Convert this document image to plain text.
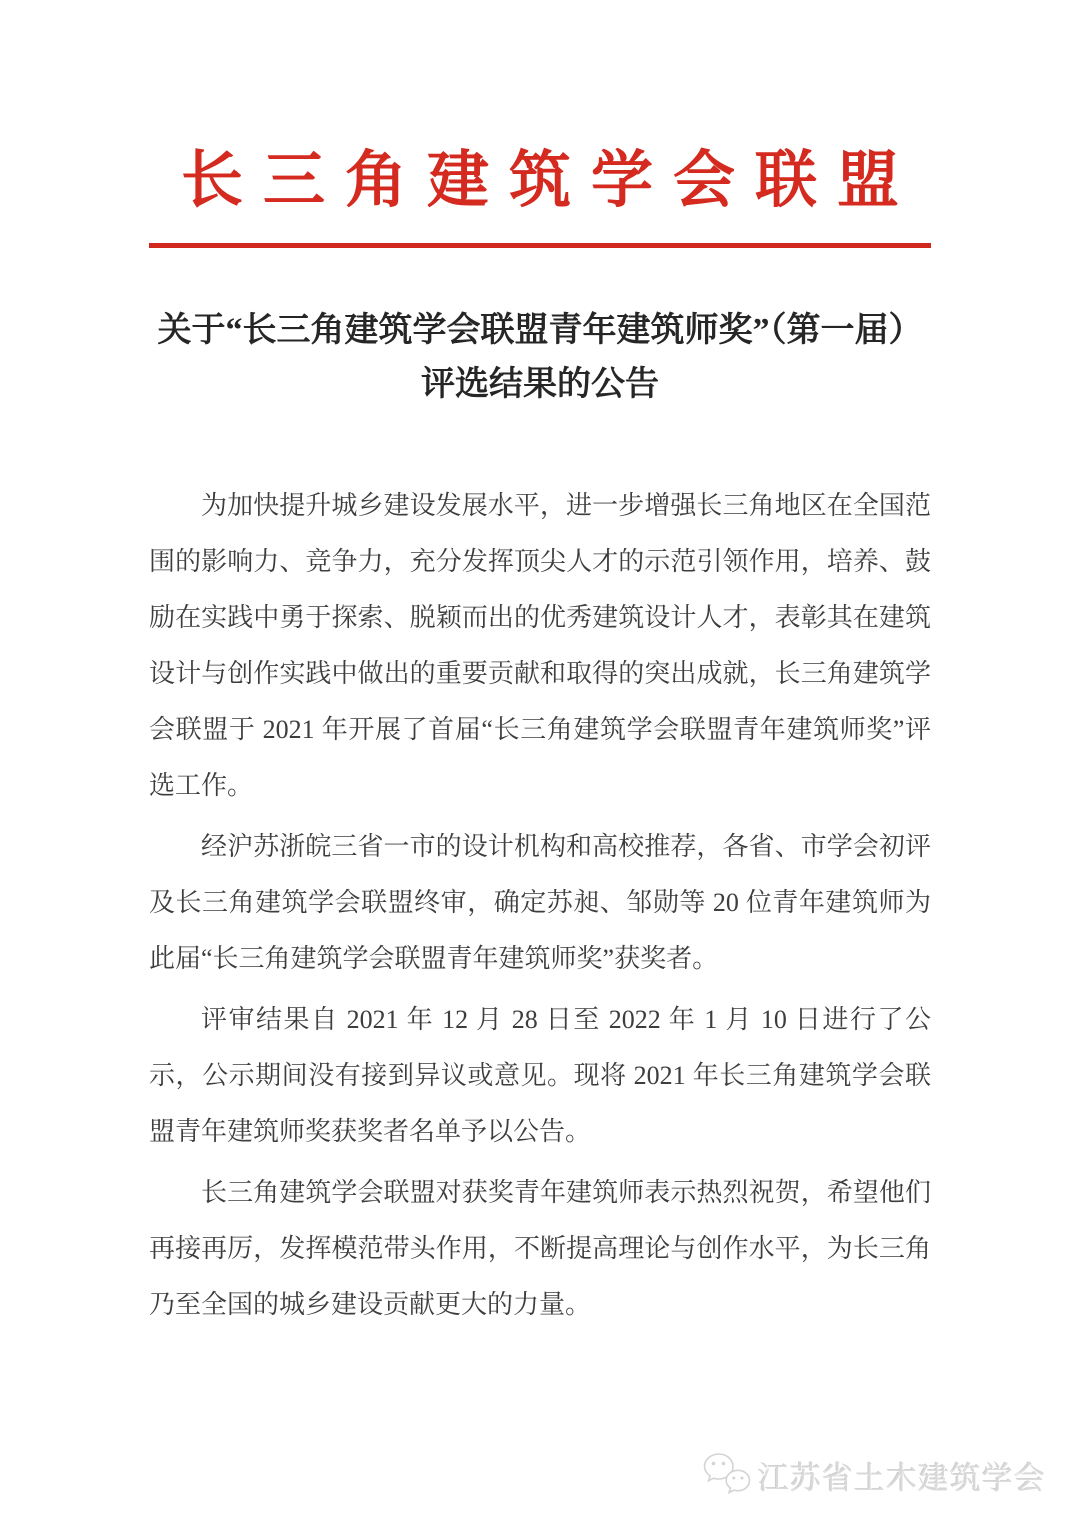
长三角建筑学会联盟
关于“长三角建筑学会联盟青年建筑师奖”（第一届）
评选结果的公告

为加快提升城乡建设发展水平，进一步增强长三角地区在全国范围的影响力、竞争力，充分发挥顶尖人才的示范引领作用，培养、鼓励在实践中勇于探索、脱颖而出的优秀建筑设计人才，表彰其在建筑设计与创作实践中做出的重要贡献和取得的突出成就，长三角建筑学会联盟于 2021 年开展了首届“长三角建筑学会联盟青年建筑师奖”评选工作。

经沪苏浙皖三省一市的设计机构和高校推荐，各省、市学会初评及长三角建筑学会联盟终审，确定苏昶、邹勋等 20 位青年建筑师为此届“长三角建筑学会联盟青年建筑师奖”获奖者。

评审结果自 2021 年 12 月 28 日至 2022 年 1 月 10 日进行了公示，公示期间没有接到异议或意见。现将 2021 年长三角建筑学会联盟青年建筑师奖获奖者名单予以公告。

长三角建筑学会联盟对获奖青年建筑师表示热烈祝贺，希望他们再接再厉，发挥模范带头作用，不断提高理论与创作水平，为长三角乃至全国的城乡建设贡献更大的力量。

江苏省土木建筑学会
